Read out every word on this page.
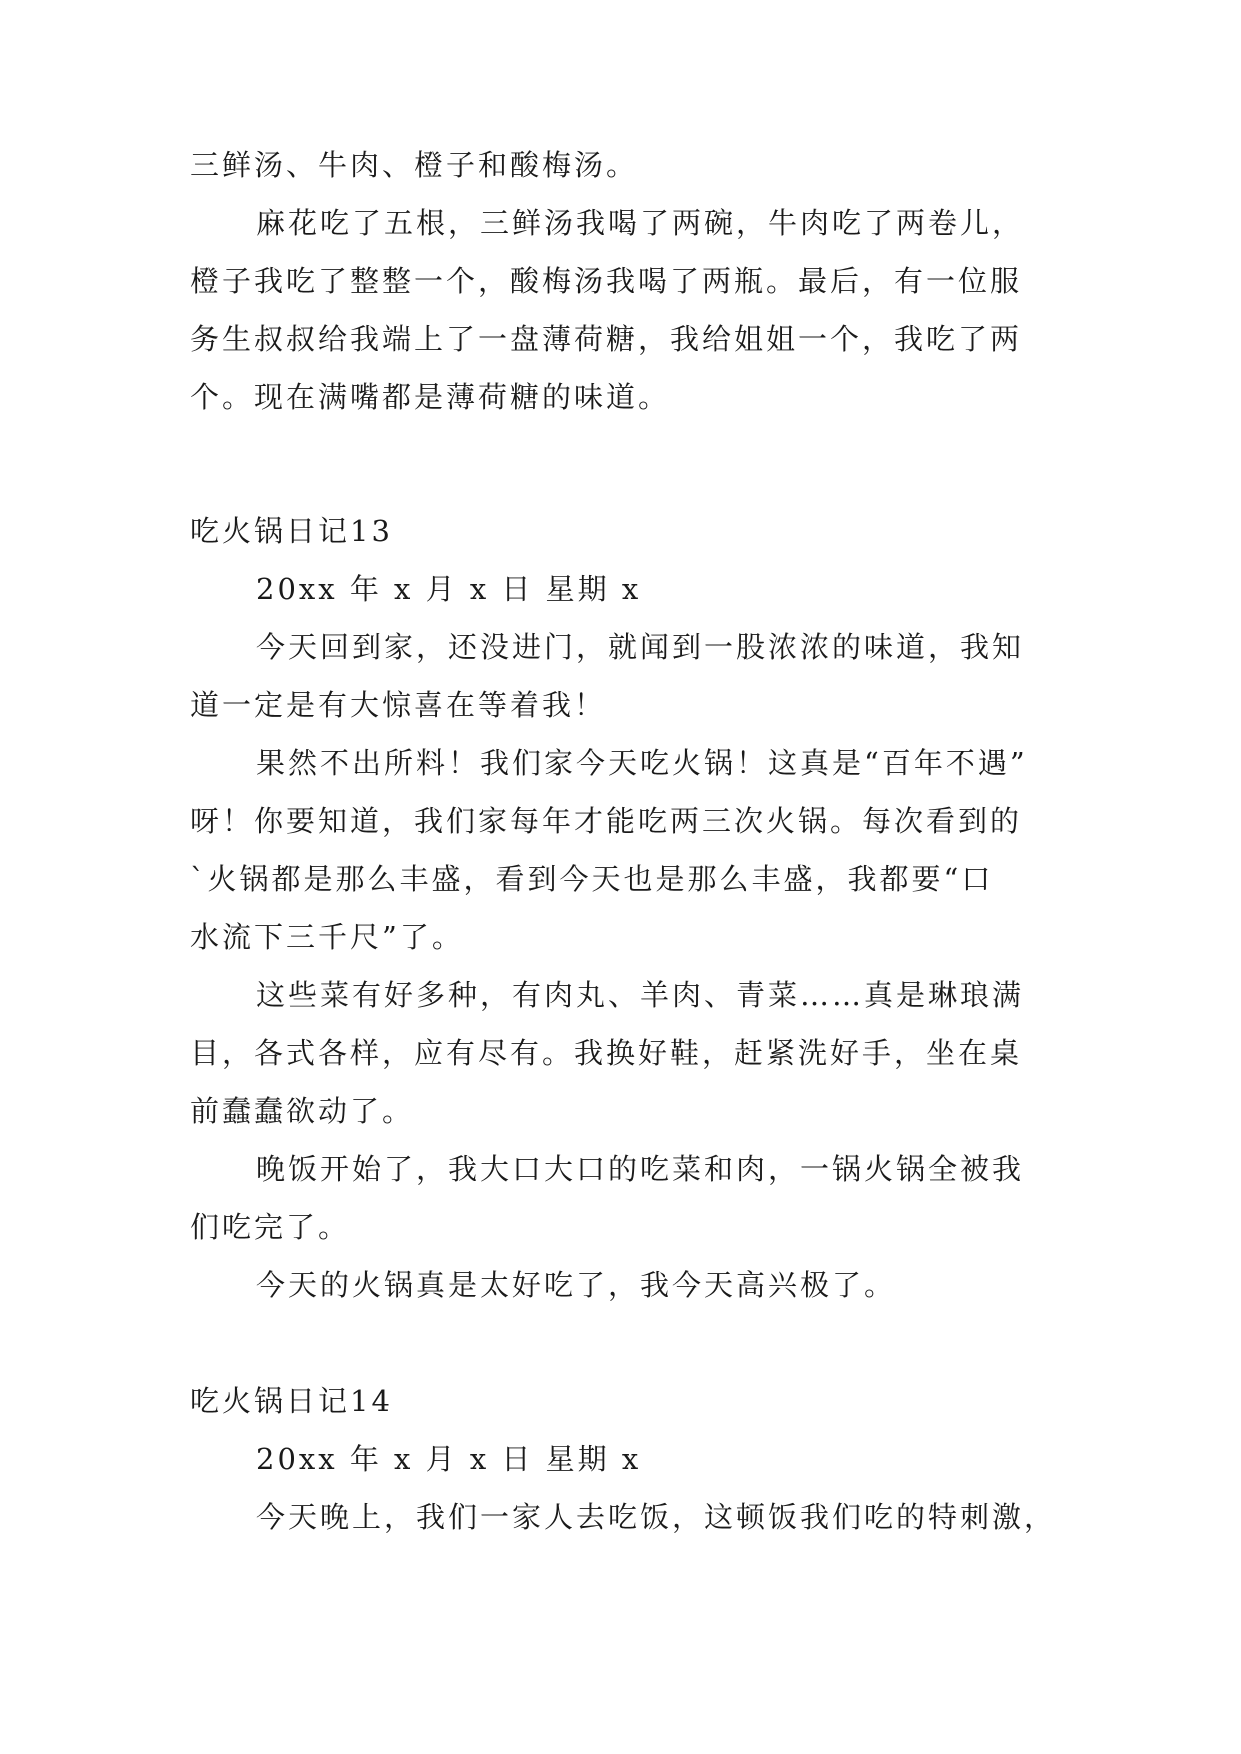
三鲜汤、牛肉、橙子和酸梅汤。

麻花吃了五根，三鲜汤我喝了两碗，牛肉吃了两卷儿，

橙子我吃了整整一个，酸梅汤我喝了两瓶。最后，有一位服

务生叔叔给我端上了一盘薄荷糖，我给姐姐一个，我吃了两

个。现在满嘴都是薄荷糖的味道。

吃火锅日记13

20xx 年 x 月 x 日 星期 x

今天回到家，还没进门，就闻到一股浓浓的味道，我知

道一定是有大惊喜在等着我！

果然不出所料！我们家今天吃火锅！这真是“百年不遇”

呀！你要知道，我们家每年才能吃两三次火锅。每次看到的

`火锅都是那么丰盛，看到今天也是那么丰盛，我都要“口

水流下三千尺”了。

这些菜有好多种，有肉丸、羊肉、青菜……真是琳琅满

目，各式各样，应有尽有。我换好鞋，赶紧洗好手，坐在桌

前蠢蠢欲动了。

晚饭开始了，我大口大口的吃菜和肉，一锅火锅全被我

们吃完了。

今天的火锅真是太好吃了，我今天高兴极了。

吃火锅日记14

20xx 年 x 月 x 日 星期 x

今天晚上，我们一家人去吃饭，这顿饭我们吃的特刺激，
